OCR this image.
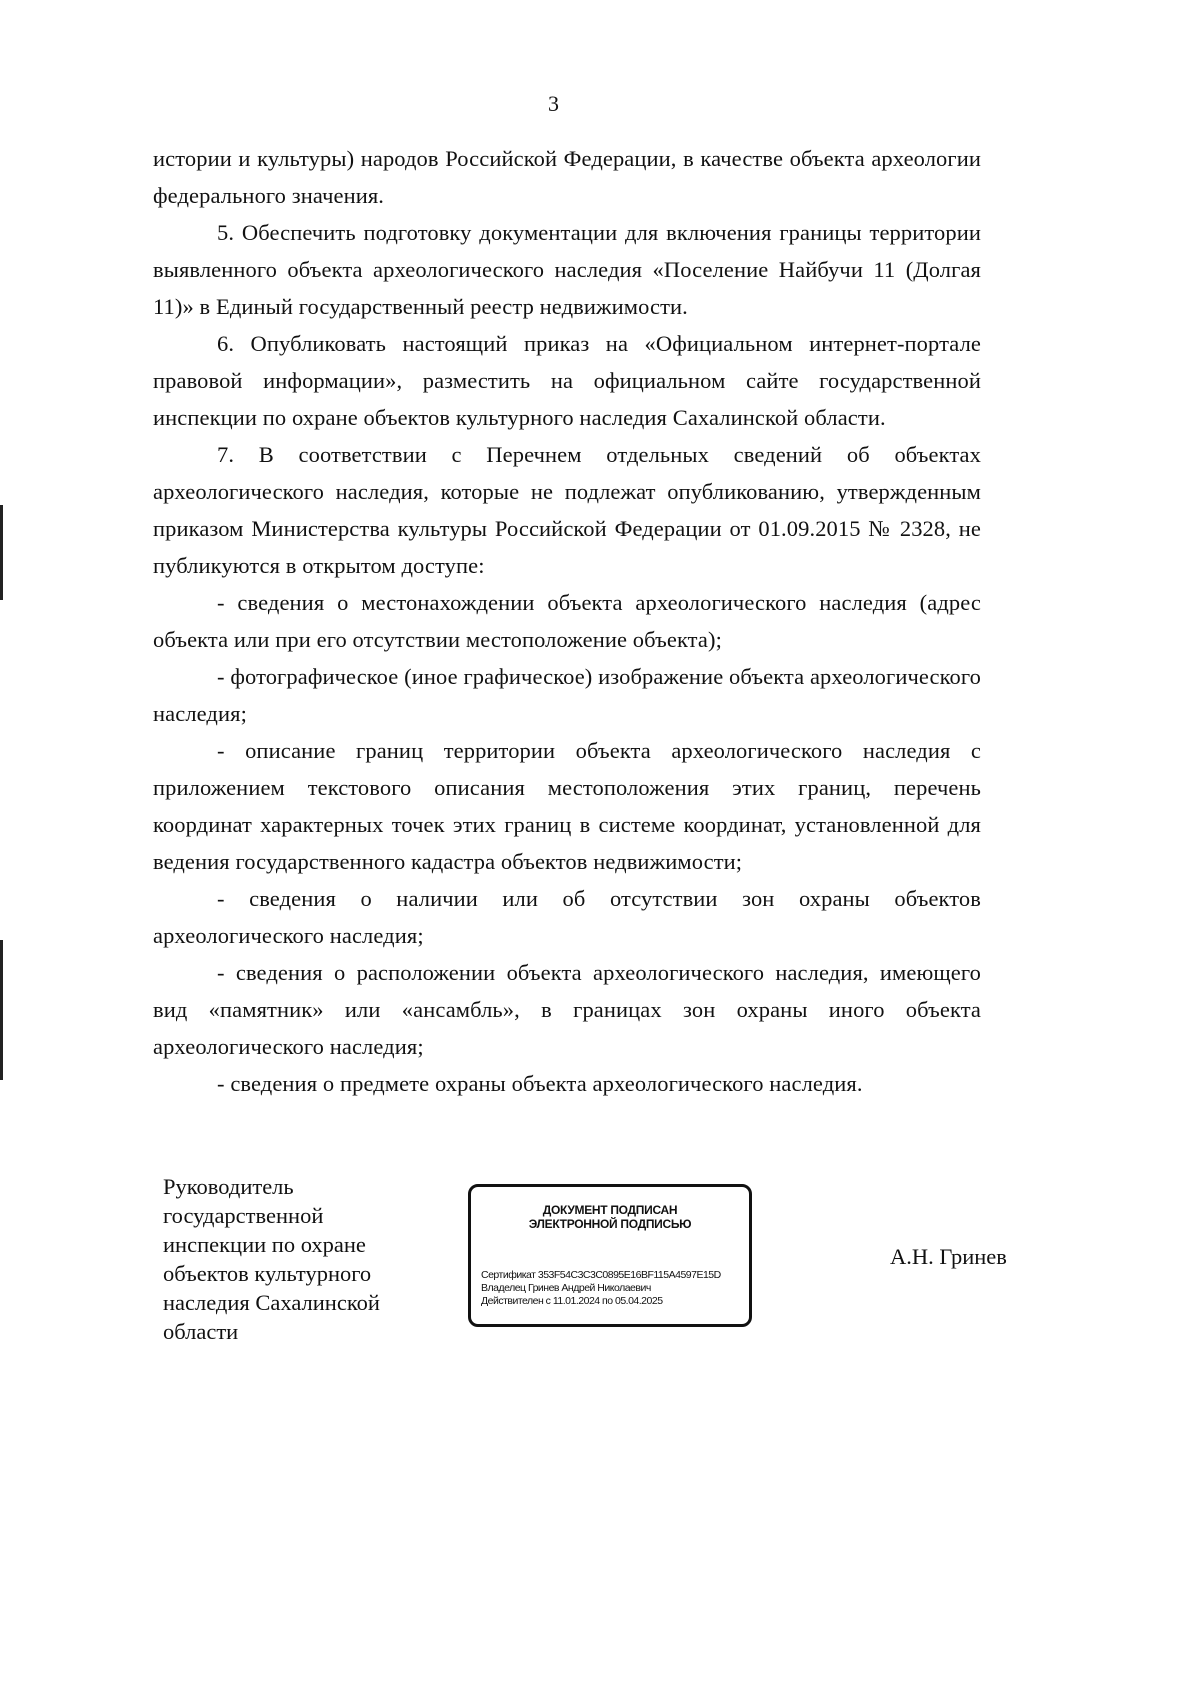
3

истории и культуры) народов Российской Федерации, в качестве объекта археологии федерального значения.

5. Обеспечить подготовку документации для включения границы территории выявленного объекта археологического наследия «Поселение Найбучи 11 (Долгая 11)» в Единый государственный реестр недвижимости.

6. Опубликовать настоящий приказ на «Официальном интернет-портале правовой информации», разместить на официальном сайте государственной инспекции по охране объектов культурного наследия Сахалинской области.

7. В соответствии с Перечнем отдельных сведений об объектах археологического наследия, которые не подлежат опубликованию, утвержденным приказом Министерства культуры Российской Федерации от 01.09.2015 № 2328, не публикуются в открытом доступе:

- сведения о местонахождении объекта археологического наследия (адрес объекта или при его отсутствии местоположение объекта);

- фотографическое (иное графическое) изображение объекта археологического наследия;

- описание границ территории объекта археологического наследия с приложением текстового описания местоположения этих границ, перечень координат характерных точек этих границ в системе координат, установленной для ведения государственного кадастра объектов недвижимости;

- сведения о наличии или об отсутствии зон охраны объектов археологического наследия;

- сведения о расположении объекта археологического наследия, имеющего вид «памятник» или «ансамбль», в границах зон охраны иного объекта археологического наследия;

- сведения о предмете охраны объекта археологического наследия.

Руководитель
государственной
инспекции по охране
объектов культурного
наследия Сахалинской
области
ДОКУМЕНТ ПОДПИСАН
ЭЛЕКТРОННОЙ ПОДПИСЬЮ
Сертификат 353F54C3C3C0895E16BF115A4597E15D
Владелец Гринев Андрей Николаевич
Действителен с 11.01.2024 по 05.04.2025
А.Н. Гринев
